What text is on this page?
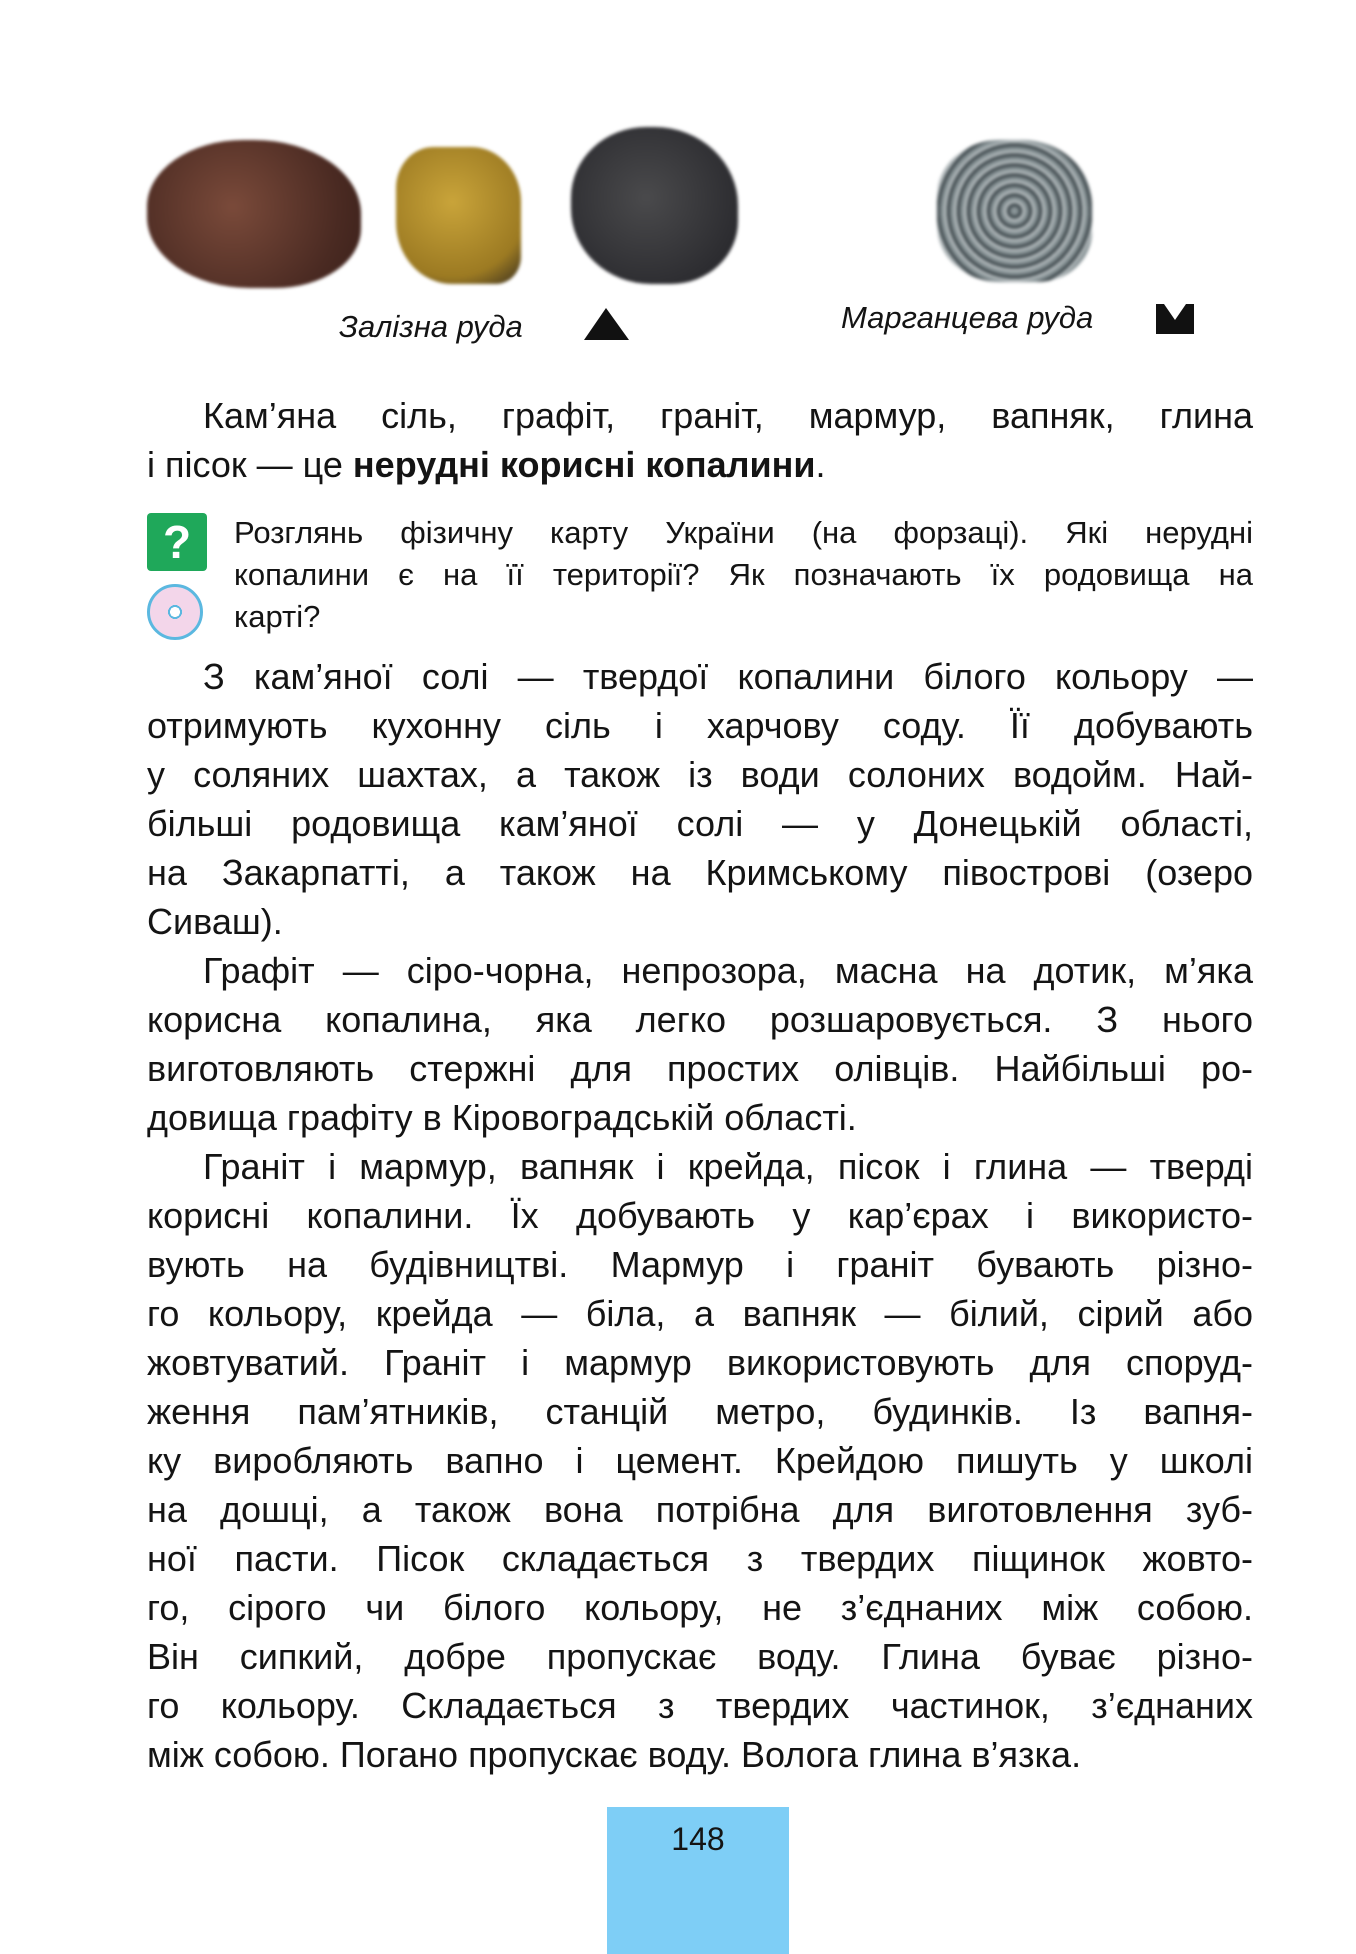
Залізна руда	Марганцева руда
Кам’яна сіль, графіт, граніт, мармур, вапняк, глина
і пісок — це нерудні корисні копалини.
?	Розглянь фізичну карту України (на форзаці). Які нерудні
копалини є на її території? Як позначають їх родовища на
карті?
З кам’яної солі — твердої копалини білого кольору —
отримують кухонну сіль і харчову соду. Її добувають
у соляних шахтах, а також із води солоних водойм. Най-
більші родовища кам’яної солі — у Донецькій області,
на Закарпатті, а також на Кримському півострові (озеро
Сиваш).
Графіт — сіро-чорна, непрозора, масна на дотик, м’яка
корисна копалина, яка легко розшаровується. З нього
виготовляють стержні для простих олівців. Найбільші ро-
довища графіту в Кіровоградській області.
Граніт і мармур, вапняк і крейда, пісок і глина — тверді
корисні копалини. Їх добувають у кар’єрах і використо-
вують на будівництві. Мармур і граніт бувають різно-
го кольору, крейда — біла, а вапняк — білий, сірий або
жовтуватий. Граніт і мармур використовують для споруд-
ження пам’ятників, станцій метро, будинків. Із вапня-
ку виробляють вапно і цемент. Крейдою пишуть у школі
на дошці, а також вона потрібна для виготовлення зуб-
ної пасти. Пісок складається з твердих піщинок жовто-
го, сірого чи білого кольору, не з’єднаних між собою.
Він сипкий, добре пропускає воду. Глина буває різно-
го кольору. Складається з твердих частинок, з’єднаних
між собою. Погано пропускає воду. Волога глина в’язка.
148
